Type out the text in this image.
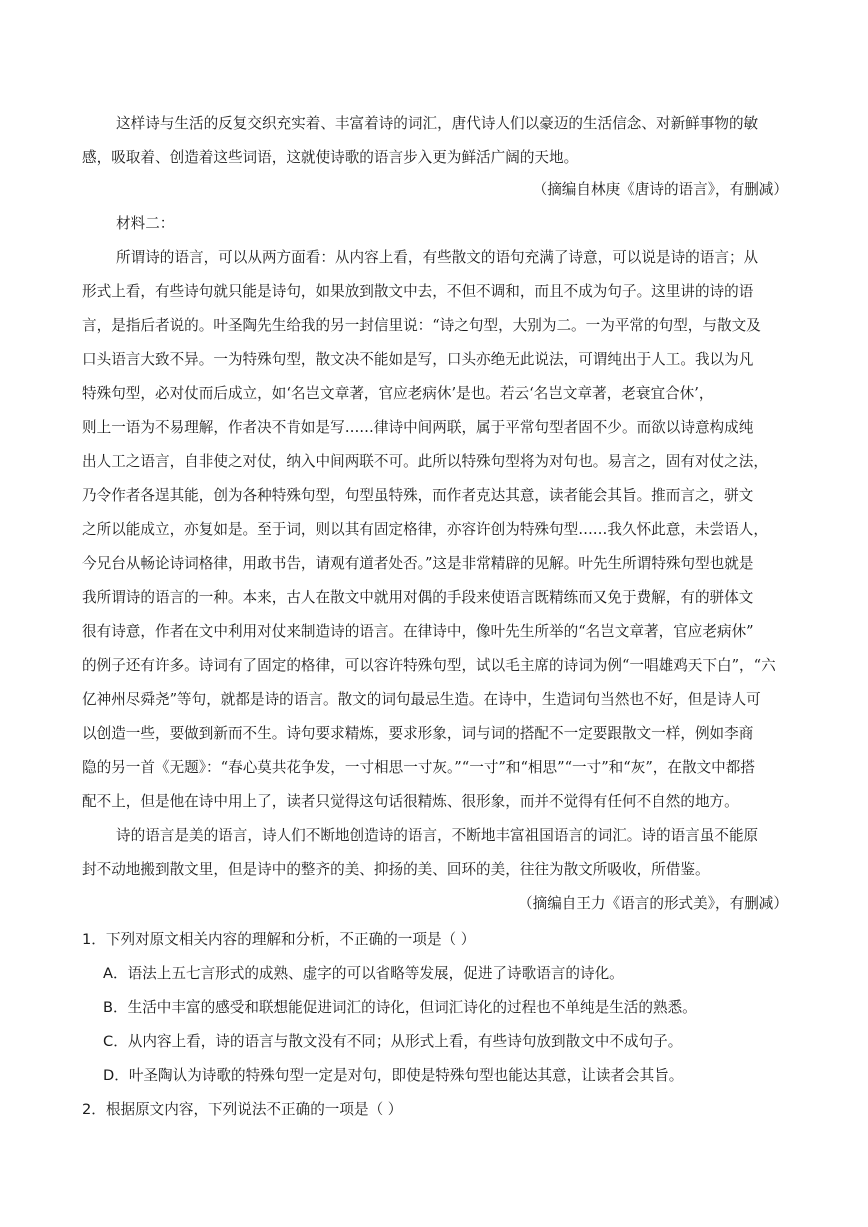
这样诗与生活的反复交织充实着、丰富着诗的词汇，唐代诗人们以豪迈的生活信念、对新鲜事物的敏
感，吸取着、创造着这些词语，这就使诗歌的语言步入更为鲜活广阔的天地。
（摘编自林庚《唐诗的语言》，有删减）
材料二：
所谓诗的语言，可以从两方面看：从内容上看，有些散文的语句充满了诗意，可以说是诗的语言；从
形式上看，有些诗句就只能是诗句，如果放到散文中去，不但不调和，而且不成为句子。这里讲的诗的语
言，是指后者说的。叶圣陶先生给我的另一封信里说：“诗之句型，大别为二。一为平常的句型，与散文及
口头语言大致不异。一为特殊句型，散文决不能如是写，口头亦绝无此说法，可谓纯出于人工。我以为凡
特殊句型，必对仗而后成立，如‘名岂文章著，官应老病休’是也。若云‘名岂文章著，老衰宜合休’，
则上一语为不易理解，作者决不肯如是写……律诗中间两联，属于平常句型者固不少。而欲以诗意构成纯
出人工之语言，自非使之对仗，纳入中间两联不可。此所以特殊句型将为对句也。易言之，固有对仗之法，
乃令作者各逞其能，创为各种特殊句型，句型虽特殊，而作者克达其意，读者能会其旨。推而言之，骈文
之所以能成立，亦复如是。至于词，则以其有固定格律，亦容许创为特殊句型……我久怀此意，未尝语人，
今兄台从畅论诗词格律，用敢书告，请观有道者处否。”这是非常精辟的见解。叶先生所谓特殊句型也就是
我所谓诗的语言的一种。本来，古人在散文中就用对偶的手段来使语言既精练而又免于费解，有的骈体文
很有诗意，作者在文中利用对仗来制造诗的语言。在律诗中，像叶先生所举的“名岂文章著，官应老病休”
的例子还有许多。诗词有了固定的格律，可以容许特殊句型，试以毛主席的诗词为例“一唱雄鸡天下白”，“六
亿神州尽舜尧”等句，就都是诗的语言。散文的词句最忌生造。在诗中，生造词句当然也不好，但是诗人可
以创造一些，要做到新而不生。诗句要求精炼，要求形象，词与词的搭配不一定要跟散文一样，例如李商
隐的另一首《无题》：“春心莫共花争发，一寸相思一寸灰。”“一寸”和“相思”“一寸”和“灰”，在散文中都搭
配不上，但是他在诗中用上了，读者只觉得这句话很精炼、很形象，而并不觉得有任何不自然的地方。
诗的语言是美的语言，诗人们不断地创造诗的语言，不断地丰富祖国语言的词汇。诗的语言虽不能原
封不动地搬到散文里，但是诗中的整齐的美、抑扬的美、回环的美，往往为散文所吸收，所借鉴。
（摘编自王力《语言的形式美》，有删减）
1．下列对原文相关内容的理解和分析，不正确的一项是（ ）
A．语法上五七言形式的成熟、虚字的可以省略等发展，促进了诗歌语言的诗化。
B．生活中丰富的感受和联想能促进词汇的诗化，但词汇诗化的过程也不单纯是生活的熟悉。
C．从内容上看，诗的语言与散文没有不同；从形式上看，有些诗句放到散文中不成句子。
D．叶圣陶认为诗歌的特殊句型一定是对句，即使是特殊句型也能达其意，让读者会其旨。
2．根据原文内容，下列说法不正确的一项是（ ）
